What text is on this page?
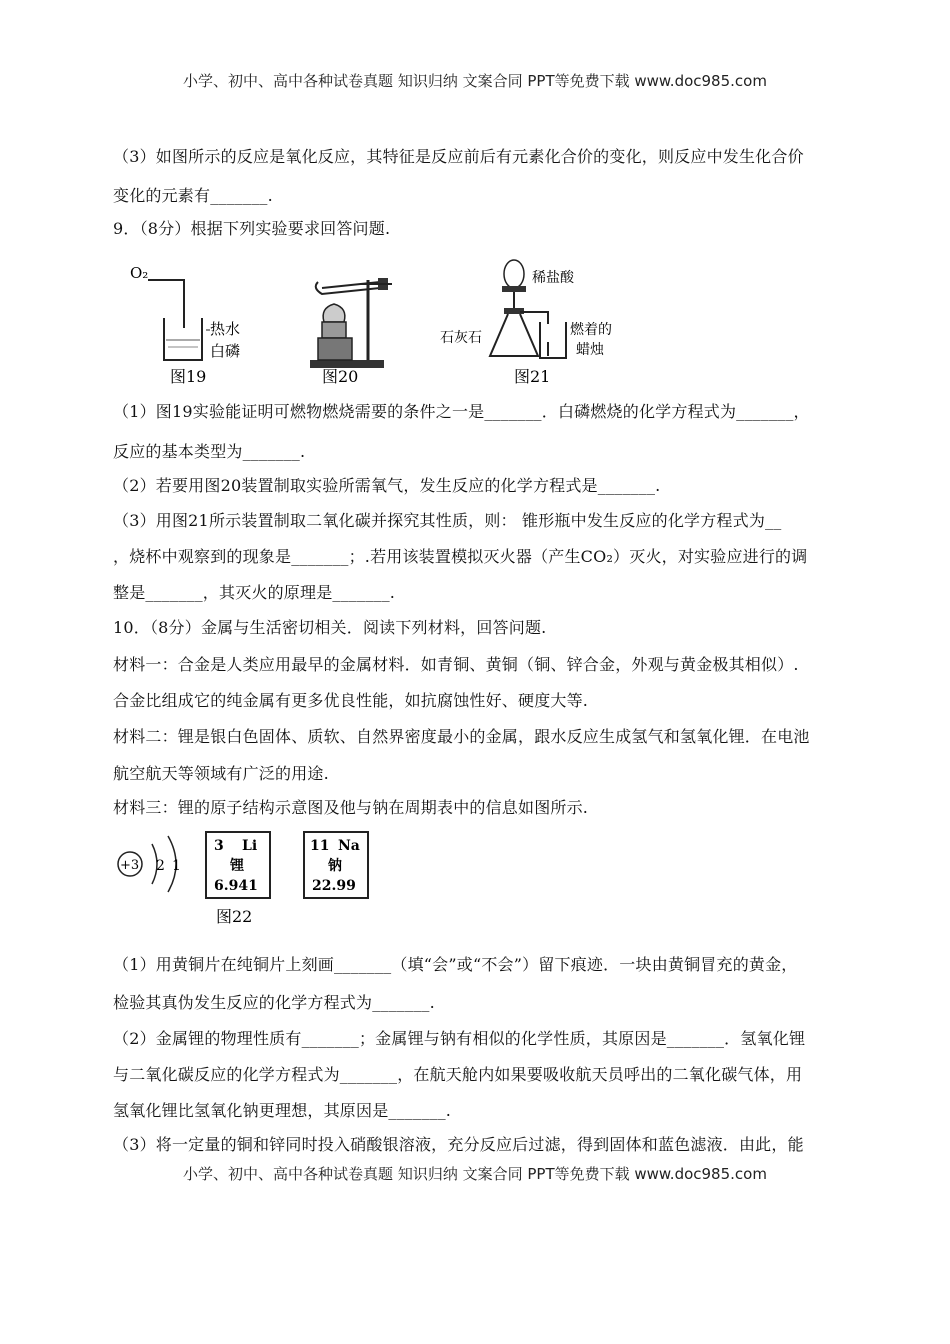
小学、初中、高中各种试卷真题 知识归纳 文案合同 PPT等免费下载 www.doc985.com
（3）如图所示的反应是氧化反应，其特征是反应前后有元素化合价的变化，则反应中发生化合价
变化的元素有_______.
9．（8分）根据下列实验要求回答问题.
O₂
热水
白磷
图19	图20
稀盐酸
石灰石	燃着的
蜡烛
图21
（1）图19实验能证明可燃物燃烧需要的条件之一是_______．白磷燃烧的化学方程式为_______，
反应的基本类型为_______.
（2）若要用图20装置制取实验所需氧气，发生反应的化学方程式是_______.
（3）用图21所示装置制取二氧化碳并探究其性质，则： 锥形瓶中发生反应的化学方程式为__
，烧杯中观察到的现象是_______；.若用该装置模拟灭火器（产生CO₂）灭火，对实验应进行的调
整是_______，其灭火的原理是_______.
10．（8分）金属与生活密切相关．阅读下列材料，回答问题.
材料一：合金是人类应用最早的金属材料．如青铜、黄铜（铜、锌合金，外观与黄金极其相似）.
合金比组成它的纯金属有更多优良性能，如抗腐蚀性好、硬度大等.
材料二：锂是银白色固体、质软、自然界密度最小的金属，跟水反应生成氢气和氢氧化锂．在电池
航空航天等领域有广泛的用途.
材料三：锂的原子结构示意图及他与钠在周期表中的信息如图所示.
+3 2 1
3 Li
锂
6.941
11 Na
钠
22.99
图22
（1）用黄铜片在纯铜片上刻画_______（填“会”或“不会”）留下痕迹．一块由黄铜冒充的黄金，
检验其真伪发生反应的化学方程式为_______.
（2）金属锂的物理性质有_______；金属锂与钠有相似的化学性质，其原因是_______．氢氧化锂
与二氧化碳反应的化学方程式为_______，在航天舱内如果要吸收航天员呼出的二氧化碳气体，用
氢氧化锂比氢氧化钠更理想，其原因是_______.
（3）将一定量的铜和锌同时投入硝酸银溶液，充分反应后过滤，得到固体和蓝色滤液．由此，能
小学、初中、高中各种试卷真题 知识归纳 文案合同 PPT等免费下载 www.doc985.com
